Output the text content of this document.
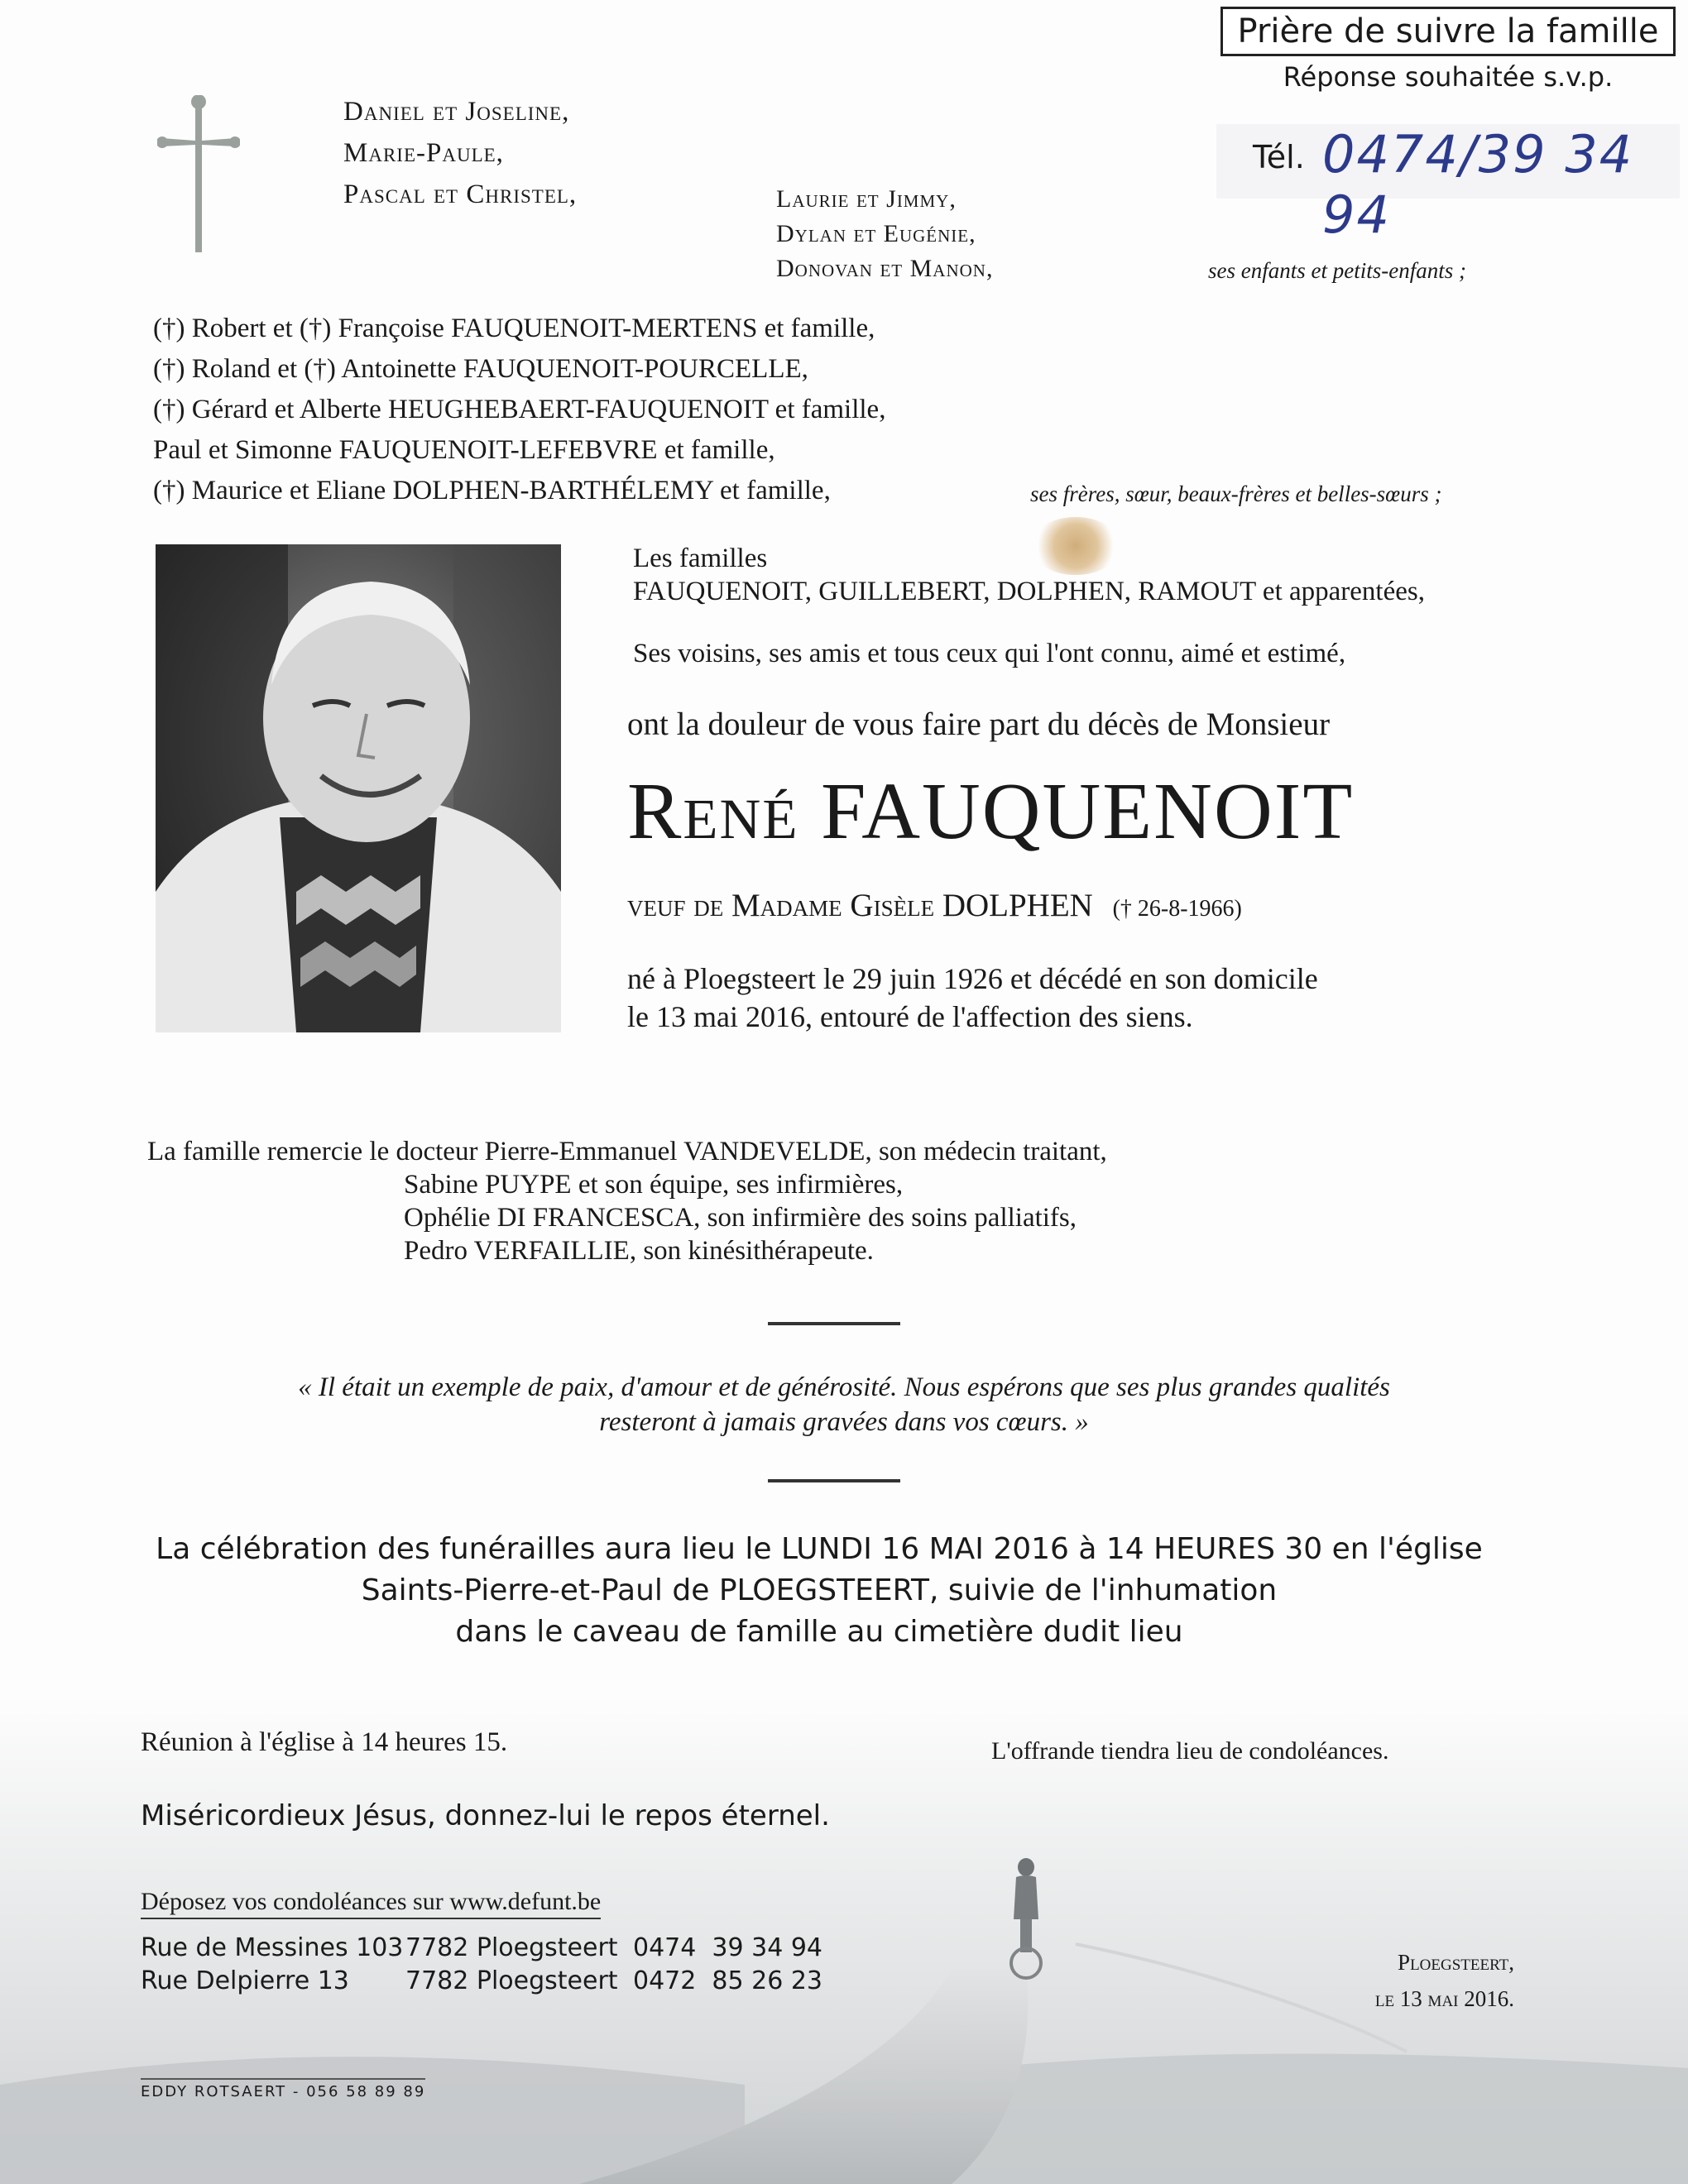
Prière de suivre la famille
Réponse souhaitée s.v.p.
Tél. 0474/39 34 94
Daniel et Joseline,
Marie-Paule,
Pascal et Christel,	Laurie et Jimmy,
Dylan et Eugénie,
Donovan et Manon,	ses enfants et petits-enfants ;
(†) Robert et (†) Françoise FAUQUENOIT-MERTENS et famille,
(†) Roland et (†) Antoinette FAUQUENOIT-POURCELLE,
(†) Gérard et Alberte HEUGHEBAERT-FAUQUENOIT et famille,
Paul et Simonne FAUQUENOIT-LEFEBVRE et famille,
(†) Maurice et Eliane DOLPHEN-BARTHÉLEMY et famille,	ses frères, sœur, beaux-frères et belles-sœurs ;
Les familles
FAUQUENOIT, GUILLEBERT, DOLPHEN, RAMOUT et apparentées,
Ses voisins, ses amis et tous ceux qui l'ont connu, aimé et estimé,
ont la douleur de vous faire part du décès de Monsieur
René FAUQUENOIT
veuf de Madame Gisèle DOLPHEN († 26-8-1966)
né à Ploegsteert le 29 juin 1926 et décédé en son domicile
le 13 mai 2016, entouré de l'affection des siens.
La famille remercie le docteur Pierre-Emmanuel VANDEVELDE, son médecin traitant,
Sabine PUYPE et son équipe, ses infirmières,
Ophélie DI FRANCESCA, son infirmière des soins palliatifs,
Pedro VERFAILLIE, son kinésithérapeute.
« Il était un exemple de paix, d'amour et de générosité. Nous espérons que ses plus grandes qualités
resteront à jamais gravées dans vos cœurs. »
La célébration des funérailles aura lieu le LUNDI 16 MAI 2016 à 14 HEURES 30 en l'église
Saints-Pierre-et-Paul de PLOEGSTEERT, suivie de l'inhumation
dans le caveau de famille au cimetière dudit lieu
Réunion à l'église à 14 heures 15.	L'offrande tiendra lieu de condoléances.
Miséricordieux Jésus, donnez-lui le repos éternel.
Déposez vos condoléances sur www.defunt.be
Rue de Messines 103 7782 Ploegsteert 0474  39 34 94
Rue Delpierre 13	7782 Ploegsteert 0472  85 26 23
Ploegsteert,
le 13 mai 2016.
EDDY ROTSAERT - 056 58 89 89
